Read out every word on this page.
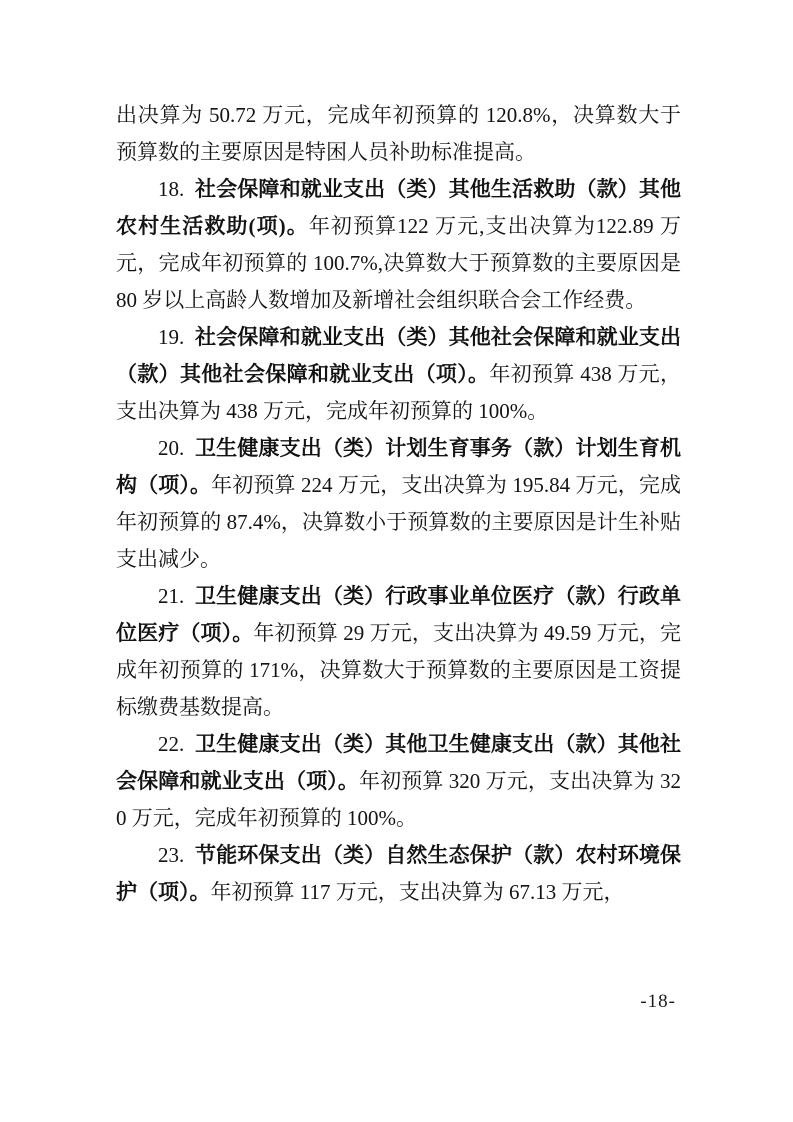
出决算为 50.72 万元，完成年初预算的 120.8%，决算数大于预算数的主要原因是特困人员补助标准提高。

18.  社会保障和就业支出（类）其他生活救助（款）其他农村生活救助(项)。年初预算122 万元,支出决算为122.89 万元，完成年初预算的 100.7%,决算数大于预算数的主要原因是 80 岁以上高龄人数增加及新增社会组织联合会工作经费。

19.  社会保障和就业支出（类）其他社会保障和就业支出（款）其他社会保障和就业支出（项）。年初预算 438 万元，支出决算为 438 万元，完成年初预算的 100%。

20.  卫生健康支出（类）计划生育事务（款）计划生育机构（项）。年初预算 224 万元，支出决算为 195.84 万元，完成年初预算的 87.4%，决算数小于预算数的主要原因是计生补贴支出减少。

21.  卫生健康支出（类）行政事业单位医疗（款）行政单位医疗（项）。年初预算 29 万元，支出决算为 49.59 万元，完成年初预算的 171%，决算数大于预算数的主要原因是工资提标缴费基数提高。

22.  卫生健康支出（类）其他卫生健康支出（款）其他社会保障和就业支出（项）。年初预算 320 万元，支出决算为 320 万元，完成年初预算的 100%。

23.  节能环保支出（类）自然生态保护（款）农村环境保护（项）。年初预算 117 万元，支出决算为 67.13 万元，

-18-
